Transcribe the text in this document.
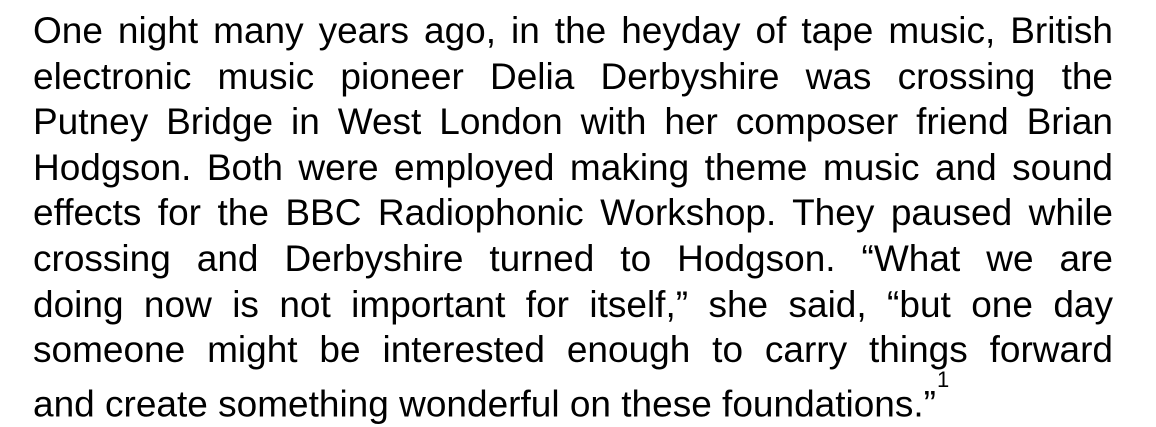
One night many years ago, in the heyday of tape music, British
electronic music pioneer Delia Derbyshire was crossing the
Putney Bridge in West London with her composer friend Brian
Hodgson. Both were employed making theme music and sound
effects for the BBC Radiophonic Workshop. They paused while
crossing and Derbyshire turned to Hodgson. “What we are
doing now is not important for itself,” she said, “but one day
someone might be interested enough to carry things forward
and create something wonderful on these foundations.”$^1$
